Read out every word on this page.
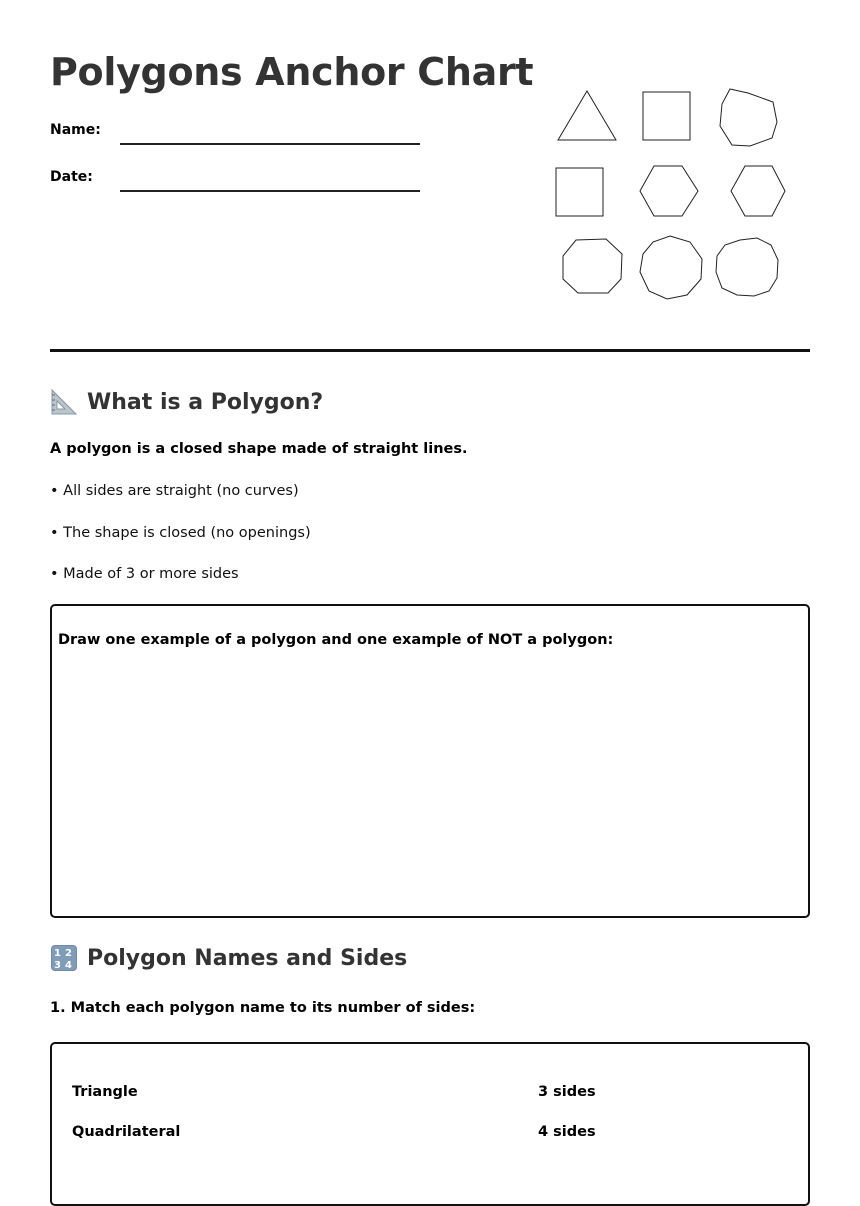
Polygons Anchor Chart
Name:
Date:
What is a Polygon?
A polygon is a closed shape made of straight lines.
• All sides are straight (no curves)
• The shape is closed (no openings)
• Made of 3 or more sides
Draw one example of a polygon and one example of NOT a polygon:
1 2
3 4 Polygon Names and Sides
1. Match each polygon name to its number of sides:
Triangle	3 sides
Quadrilateral	4 sides
